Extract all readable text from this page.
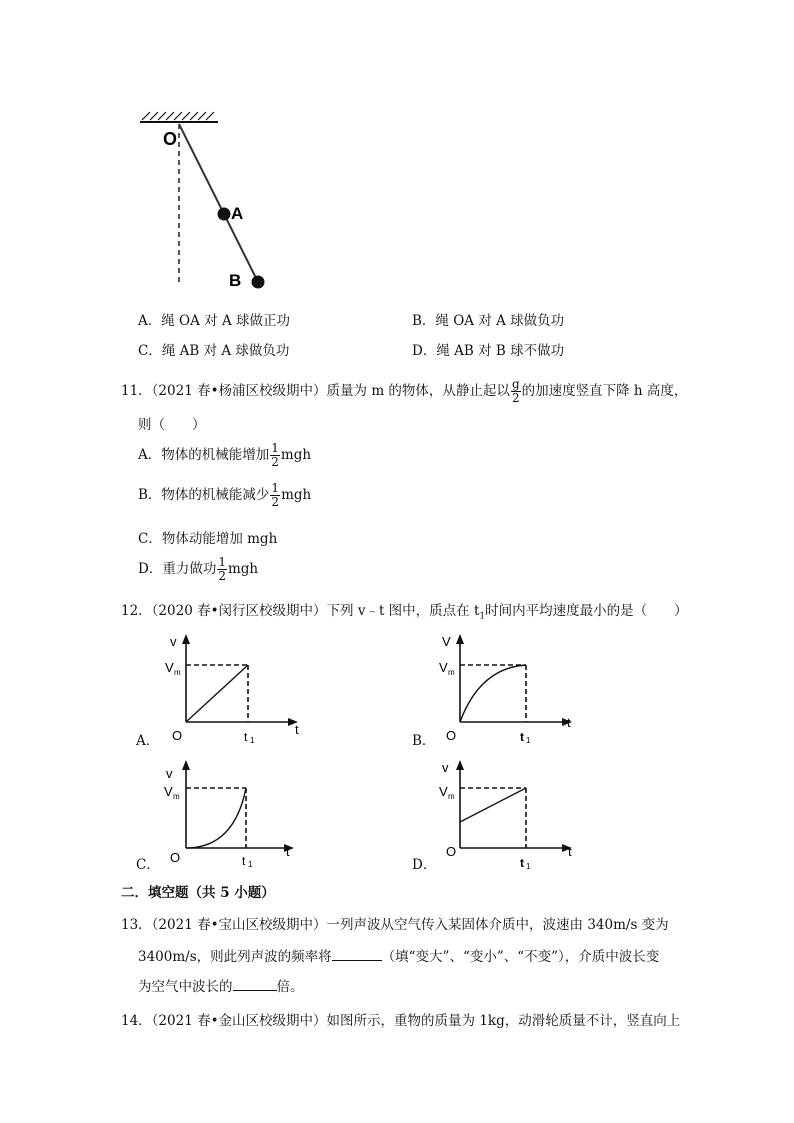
O
A
B
A．绳 OA 对 A 球做正功	B．绳 OA 对 A 球做负功
C．绳 AB 对 A 球做负功	D．绳 AB 对 B 球不做功
11．（2021 春•杨浦区校级期中）质量为 m 的物体，从静止起以 $\frac{g}{2}$ 的加速度竖直下降 h 高度，
则（　　）
A．物体的机械能增加 $\frac{1}{2}$ mgh
B．物体的机械能减少 $\frac{1}{2}$ mgh
C．物体动能增加 mgh
D．重力做功 $\frac{1}{2}$ mgh
12．（2020 春•闵行区校级期中）下列 v﹣t 图中，质点在 $t_1$时间内平均速度最小的是（　　）
A．
v
V m
O	t 1
t
B．
V
V m
O	t 1
t
C．
v
V m
O	t 1
t
D．
v
V m
O
t 1
t
二．填空题（共 5 小题）
13．（2021 春•宝山区校级期中）一列声波从空气传入某固体介质中，波速由 340m/s 变为
3400m/s，则此列声波的频率将	（填“变大”、“变小”、“不变”），介质中波长变
为空气中波长的	倍。
14．（2021 春•金山区校级期中）如图所示，重物的质量为 1kg，动滑轮质量不计，竖直向上
